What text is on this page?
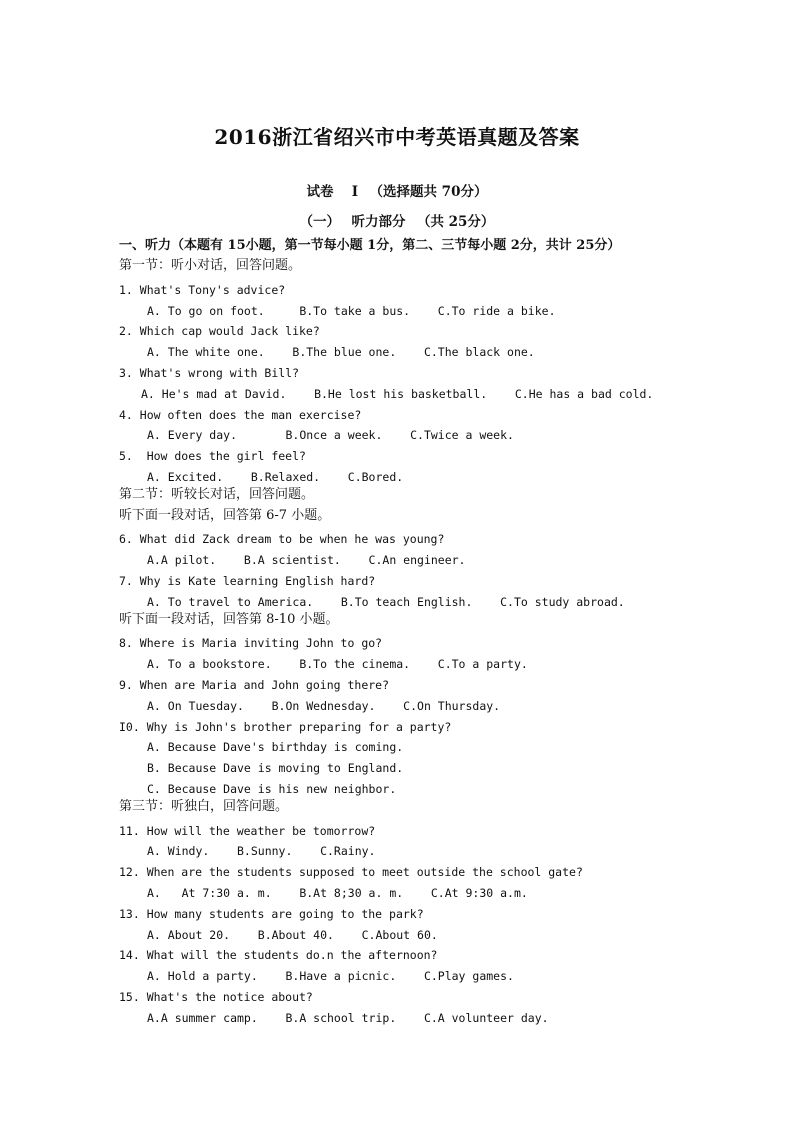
2016浙江省绍兴市中考英语真题及答案
试卷　 I 　（选择题共 70分）
（一）　 听力部分 　（共 25分）
一、听力（本题有 15小题，第一节每小题 1分，第二、三节每小题 2分，共计 25分）
第一节：听小对话，回答问题。
1. What's Tony's advice?
A. To go on foot.     B.To take a bus.    C.To ride a bike.
2. Which cap would Jack like?
A. The white one.    B.The blue one.    C.The black one.
3. What's wrong with Bill?
A. He's mad at David.    B.He lost his basketball.    C.He has a bad cold.
4. How often does the man exercise?
A. Every day.       B.Once a week.    C.Twice a week.
5.  How does the girl feel?
A. Excited.    B.Relaxed.    C.Bored.
第二节：听较长对话，回答问题。
听下面一段对话，回答第 6-7 小题。
6. What did Zack dream to be when he was young?
A.A pilot.    B.A scientist.    C.An engineer.
7. Why is Kate learning English hard?
A. To travel to America.    B.To teach English.    C.To study abroad.
听下面一段对话，回答第 8-10 小题。
8. Where is Maria inviting John to go?
A. To a bookstore.    B.To the cinema.    C.To a party.
9. When are Maria and John going there?
A. On Tuesday.    B.On Wednesday.    C.On Thursday.
I0. Why is John's brother preparing for a party?
A. Because Dave's birthday is coming.
B. Because Dave is moving to England.
C. Because Dave is his new neighbor.
第三节：听独白，回答问题。
11. How will the weather be tomorrow?
A. Windy.    B.Sunny.    C.Rainy.
12. When are the students supposed to meet outside the school gate?
A.   At 7:30 a. m.    B.At 8;30 a. m.    C.At 9:30 a.m.
13. How many students are going to the park?
A. About 20.    B.About 40.    C.About 60.
14. What will the students do.n the afternoon?
A. Hold a party.    B.Have a picnic.    C.Play games.
15. What's the notice about?
A.A summer camp.    B.A school trip.    C.A volunteer day.
